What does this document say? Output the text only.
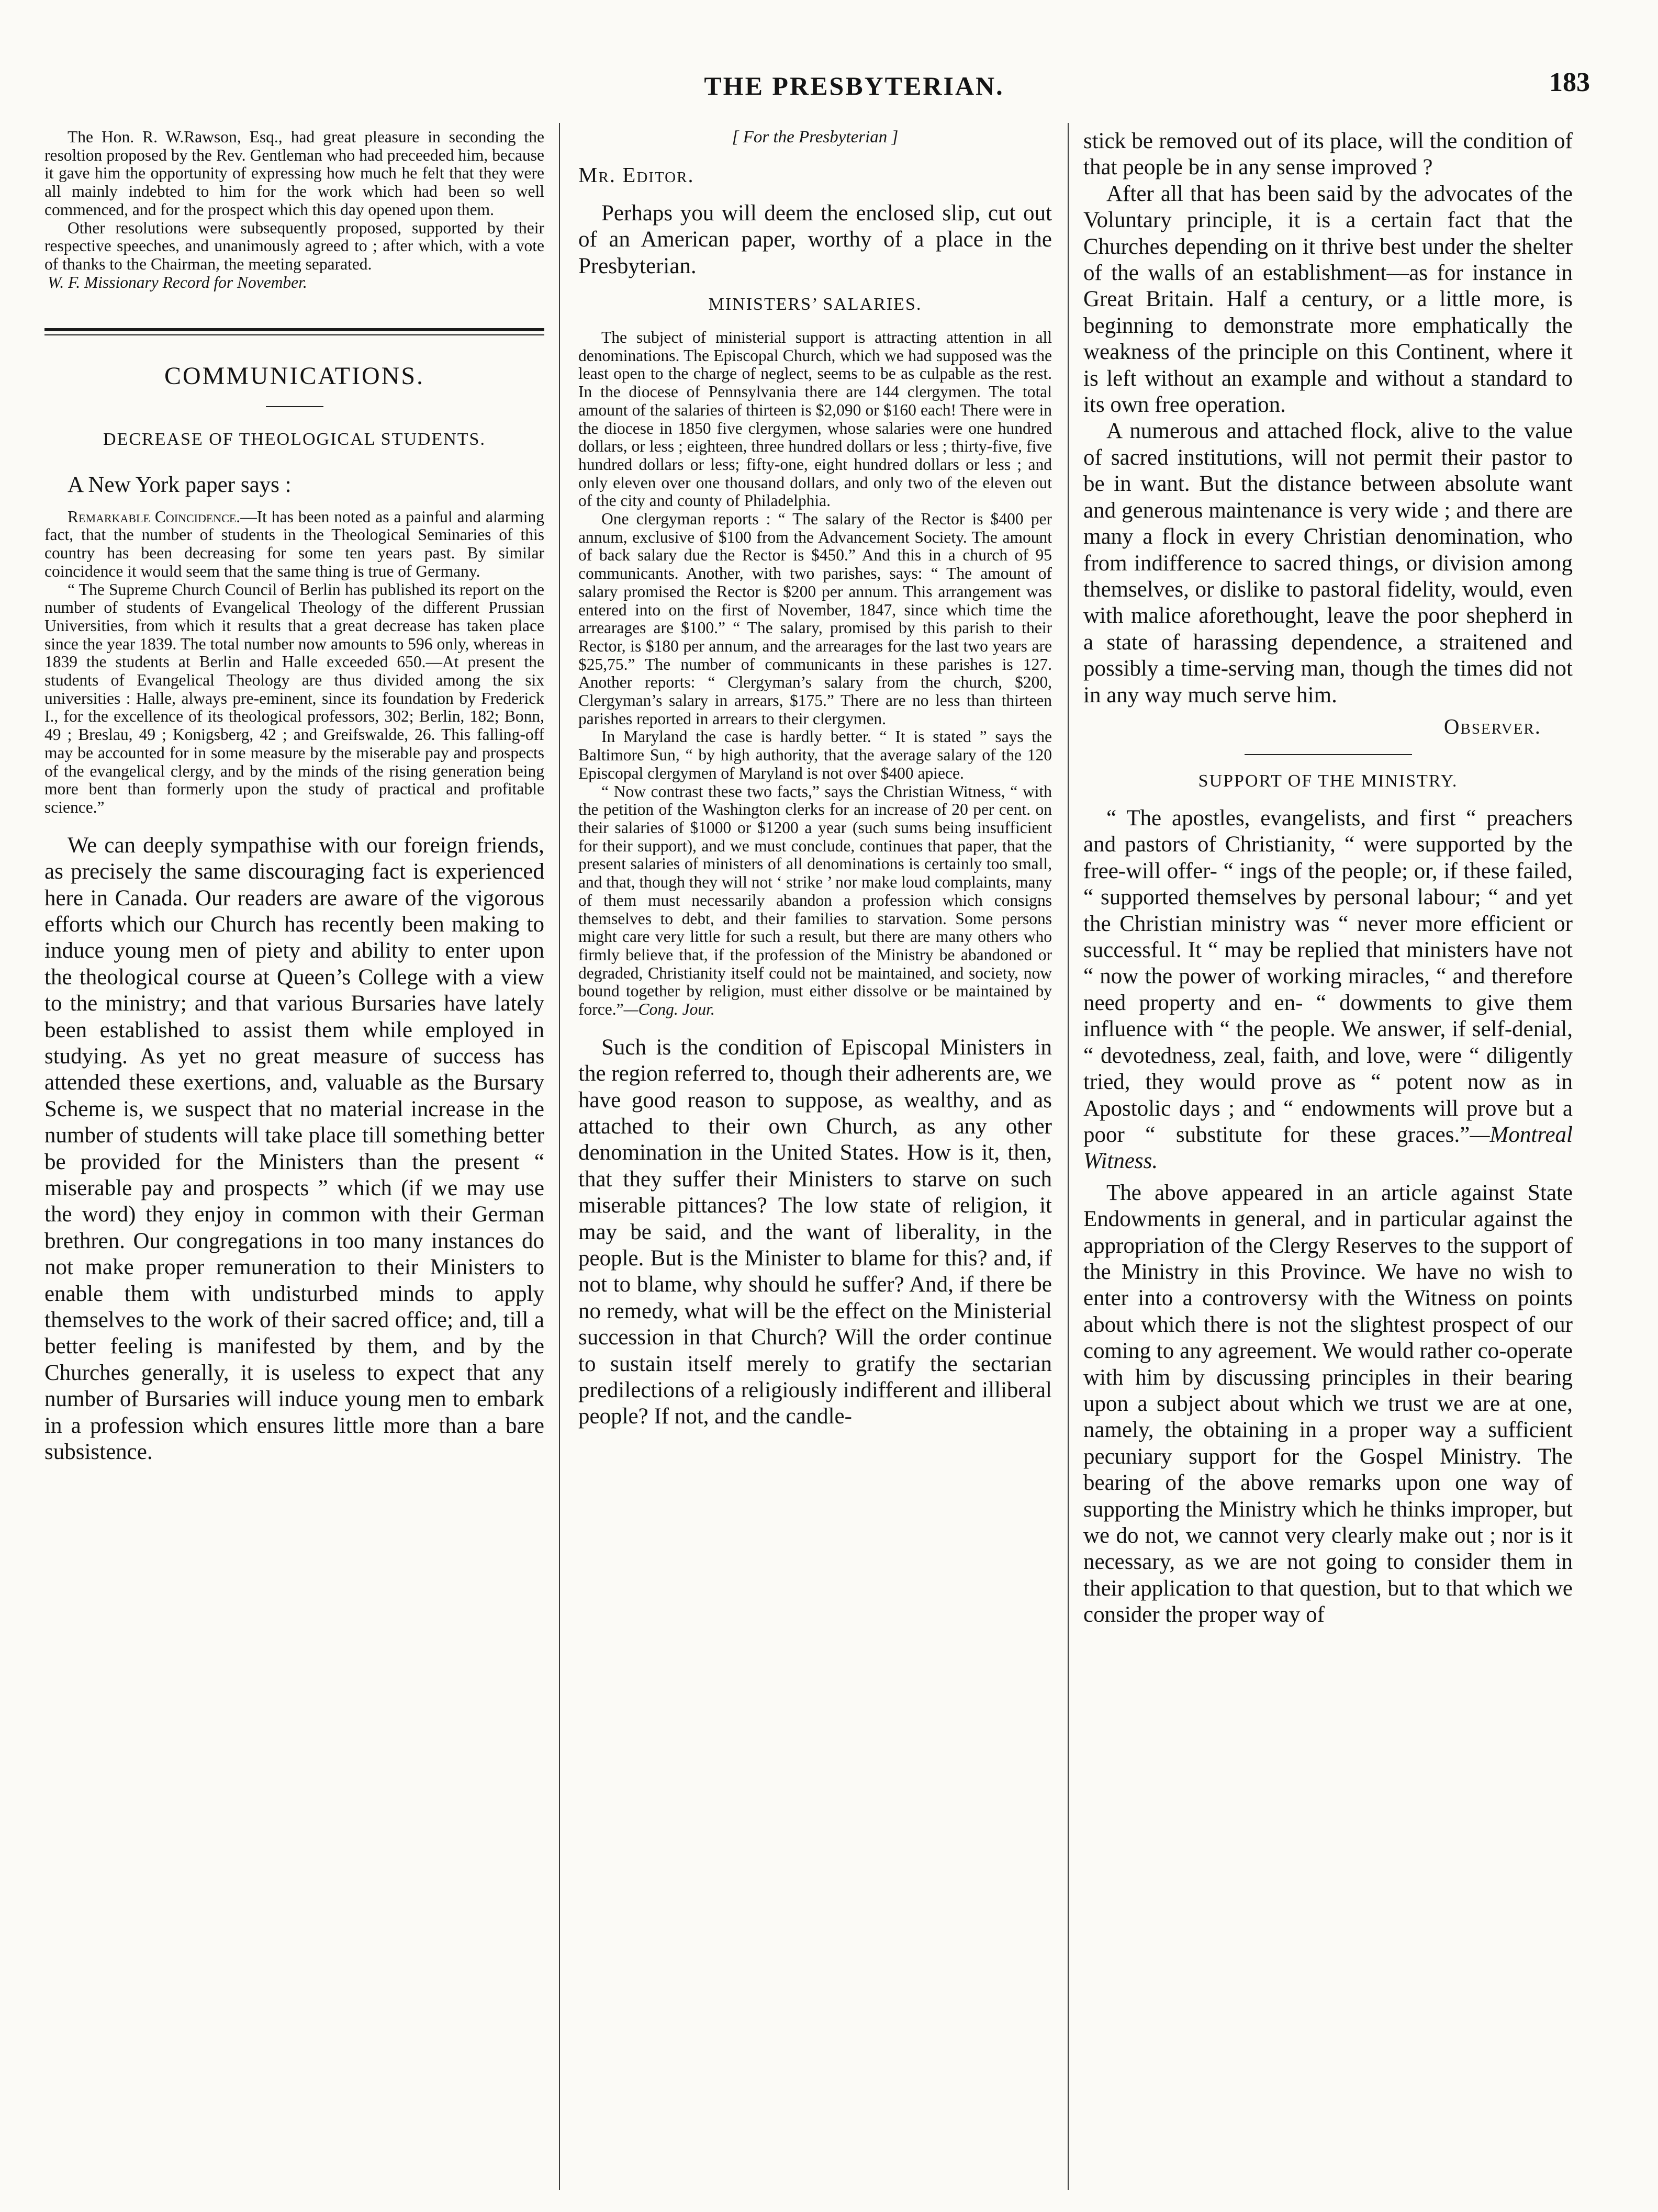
THE PRESBYTERIAN.	183

The Hon. R. W.Rawson, Esq., had great pleasure in seconding the resoltion proposed by the Rev. Gentleman who had preceeded him, because it gave him the opportunity of expressing how much he felt that they were all mainly indebted to him for the work which had been so well commenced, and for the prospect which this day opened upon them.

Other resolutions were subsequently proposed, supported by their respective speeches, and unanimously agreed to ; after which, with a vote of thanks to the Chairman, the meeting separated.

W. F. Missionary Record for November.

COMMUNICATIONS.
DECREASE OF THEOLOGICAL STUDENTS.

A New York paper says :

Remarkable Coincidence.—It has been noted as a painful and alarming fact, that the number of students in the Theological Seminaries of this country has been decreasing for some ten years past. By similar coincidence it would seem that the same thing is true of Germany.

“ The Supreme Church Council of Berlin has published its report on the number of students of Evangelical Theology of the different Prussian Universities, from which it results that a great decrease has taken place since the year 1839. The total number now amounts to 596 only, whereas in 1839 the students at Berlin and Halle exceeded 650.—At present the students of Evangelical Theology are thus divided among the six universities : Halle, always pre-eminent, since its foundation by Frederick I., for the excellence of its theological professors, 302; Berlin, 182; Bonn, 49 ; Breslau, 49 ; Konigsberg, 42 ; and Greifswalde, 26. This falling-off may be accounted for in some measure by the miserable pay and prospects of the evangelical clergy, and by the minds of the rising generation being more bent than formerly upon the study of practical and profitable science.”

We can deeply sympathise with our foreign friends, as precisely the same discouraging fact is experienced here in Canada. Our readers are aware of the vigorous efforts which our Church has recently been making to induce young men of piety and ability to enter upon the theological course at Queen’s College with a view to the ministry; and that various Bursaries have lately been established to assist them while employed in studying. As yet no great measure of success has attended these exertions, and, valuable as the Bursary Scheme is, we suspect that no material increase in the number of students will take place till something better be provided for the Ministers than the present “ miserable pay and prospects ” which (if we may use the word) they enjoy in common with their German brethren. Our congregations in too many instances do not make proper remuneration to their Ministers to enable them with undisturbed minds to apply themselves to the work of their sacred office; and, till a better feeling is manifested by them, and by the Churches generally, it is useless to expect that any number of Bursaries will induce young men to embark in a profession which ensures little more than a bare subsistence.

[ For the Presbyterian ]

Mr. Editor.

Perhaps you will deem the enclosed slip, cut out of an American paper, worthy of a place in the Presbyterian.

MINISTERS’ SALARIES.

The subject of ministerial support is attracting attention in all denominations. The Episcopal Church, which we had supposed was the least open to the charge of neglect, seems to be as culpable as the rest. In the diocese of Pennsylvania there are 144 clergymen. The total amount of the salaries of thirteen is $2,090 or $160 each! There were in the diocese in 1850 five clergymen, whose salaries were one hundred dollars, or less ; eighteen, three hundred dollars or less ; thirty-five, five hundred dollars or less; fifty-one, eight hundred dollars or less ; and only eleven over one thousand dollars, and only two of the eleven out of the city and county of Philadelphia.

One clergyman reports : “ The salary of the Rector is $400 per annum, exclusive of $100 from the Advancement Society. The amount of back salary due the Rector is $450.” And this in a church of 95 communicants. Another, with two parishes, says: “ The amount of salary promised the Rector is $200 per annum. This arrangement was entered into on the first of November, 1847, since which time the arrearages are $100.” “ The salary, promised by this parish to their Rector, is $180 per annum, and the arrearages for the last two years are $25,75.” The number of communicants in these parishes is 127. Another reports: “ Clergyman’s salary from the church, $200, Clergyman’s salary in arrears, $175.” There are no less than thirteen parishes reported in arrears to their clergymen.

In Maryland the case is hardly better. “ It is stated ” says the Baltimore Sun, “ by high authority, that the average salary of the 120 Episcopal clergymen of Maryland is not over $400 apiece.

“ Now contrast these two facts,” says the Christian Witness, “ with the petition of the Washington clerks for an increase of 20 per cent. on their salaries of $1000 or $1200 a year (such sums being insufficient for their support), and we must conclude, continues that paper, that the present salaries of ministers of all denominations is certainly too small, and that, though they will not ‘ strike ’ nor make loud complaints, many of them must necessarily abandon a profession which consigns themselves to debt, and their families to starvation. Some persons might care very little for such a result, but there are many others who firmly believe that, if the profession of the Ministry be abandoned or degraded, Christianity itself could not be maintained, and society, now bound together by religion, must either dissolve or be maintained by force.”—Cong. Jour.

Such is the condition of Episcopal Ministers in the region referred to, though their adherents are, we have good reason to suppose, as wealthy, and as attached to their own Church, as any other denomination in the United States. How is it, then, that they suffer their Ministers to starve on such miserable pittances? The low state of religion, it may be said, and the want of liberality, in the people. But is the Minister to blame for this? and, if not to blame, why should he suffer? And, if there be no remedy, what will be the effect on the Ministerial succession in that Church? Will the order continue to sustain itself merely to gratify the sectarian predilections of a religiously indifferent and illiberal people? If not, and the candle-

stick be removed out of its place, will the condition of that people be in any sense improved ?

After all that has been said by the advocates of the Voluntary principle, it is a certain fact that the Churches depending on it thrive best under the shelter of the walls of an establishment—as for instance in Great Britain. Half a century, or a little more, is beginning to demonstrate more emphatically the weakness of the principle on this Continent, where it is left without an example and without a standard to its own free operation.

A numerous and attached flock, alive to the value of sacred institutions, will not permit their pastor to be in want. But the distance between absolute want and generous maintenance is very wide ; and there are many a flock in every Christian denomination, who from indifference to sacred things, or division among themselves, or dislike to pastoral fidelity, would, even with malice aforethought, leave the poor shepherd in a state of harassing dependence, a straitened and possibly a time-serving man, though the times did not in any way much serve him.

Observer.

SUPPORT OF THE MINISTRY.

“ The apostles, evangelists, and first “ preachers and pastors of Christianity, “ were supported by the free-will offer- “ ings of the people; or, if these failed, “ supported themselves by personal labour; “ and yet the Christian ministry was “ never more efficient or successful. It “ may be replied that ministers have not “ now the power of working miracles, “ and therefore need property and en- “ dowments to give them influence with “ the people. We answer, if self-denial, “ devotedness, zeal, faith, and love, were “ diligently tried, they would prove as “ potent now as in Apostolic days ; and “ endowments will prove but a poor “ substitute for these graces.”—Montreal Witness.

The above appeared in an article against State Endowments in general, and in particular against the appropriation of the Clergy Reserves to the support of the Ministry in this Province. We have no wish to enter into a controversy with the Witness on points about which there is not the slightest prospect of our coming to any agreement. We would rather co-operate with him by discussing principles in their bearing upon a subject about which we trust we are at one, namely, the obtaining in a proper way a sufficient pecuniary support for the Gospel Ministry. The bearing of the above remarks upon one way of supporting the Ministry which he thinks improper, but we do not, we cannot very clearly make out ; nor is it necessary, as we are not going to consider them in their application to that question, but to that which we consider the proper way of
